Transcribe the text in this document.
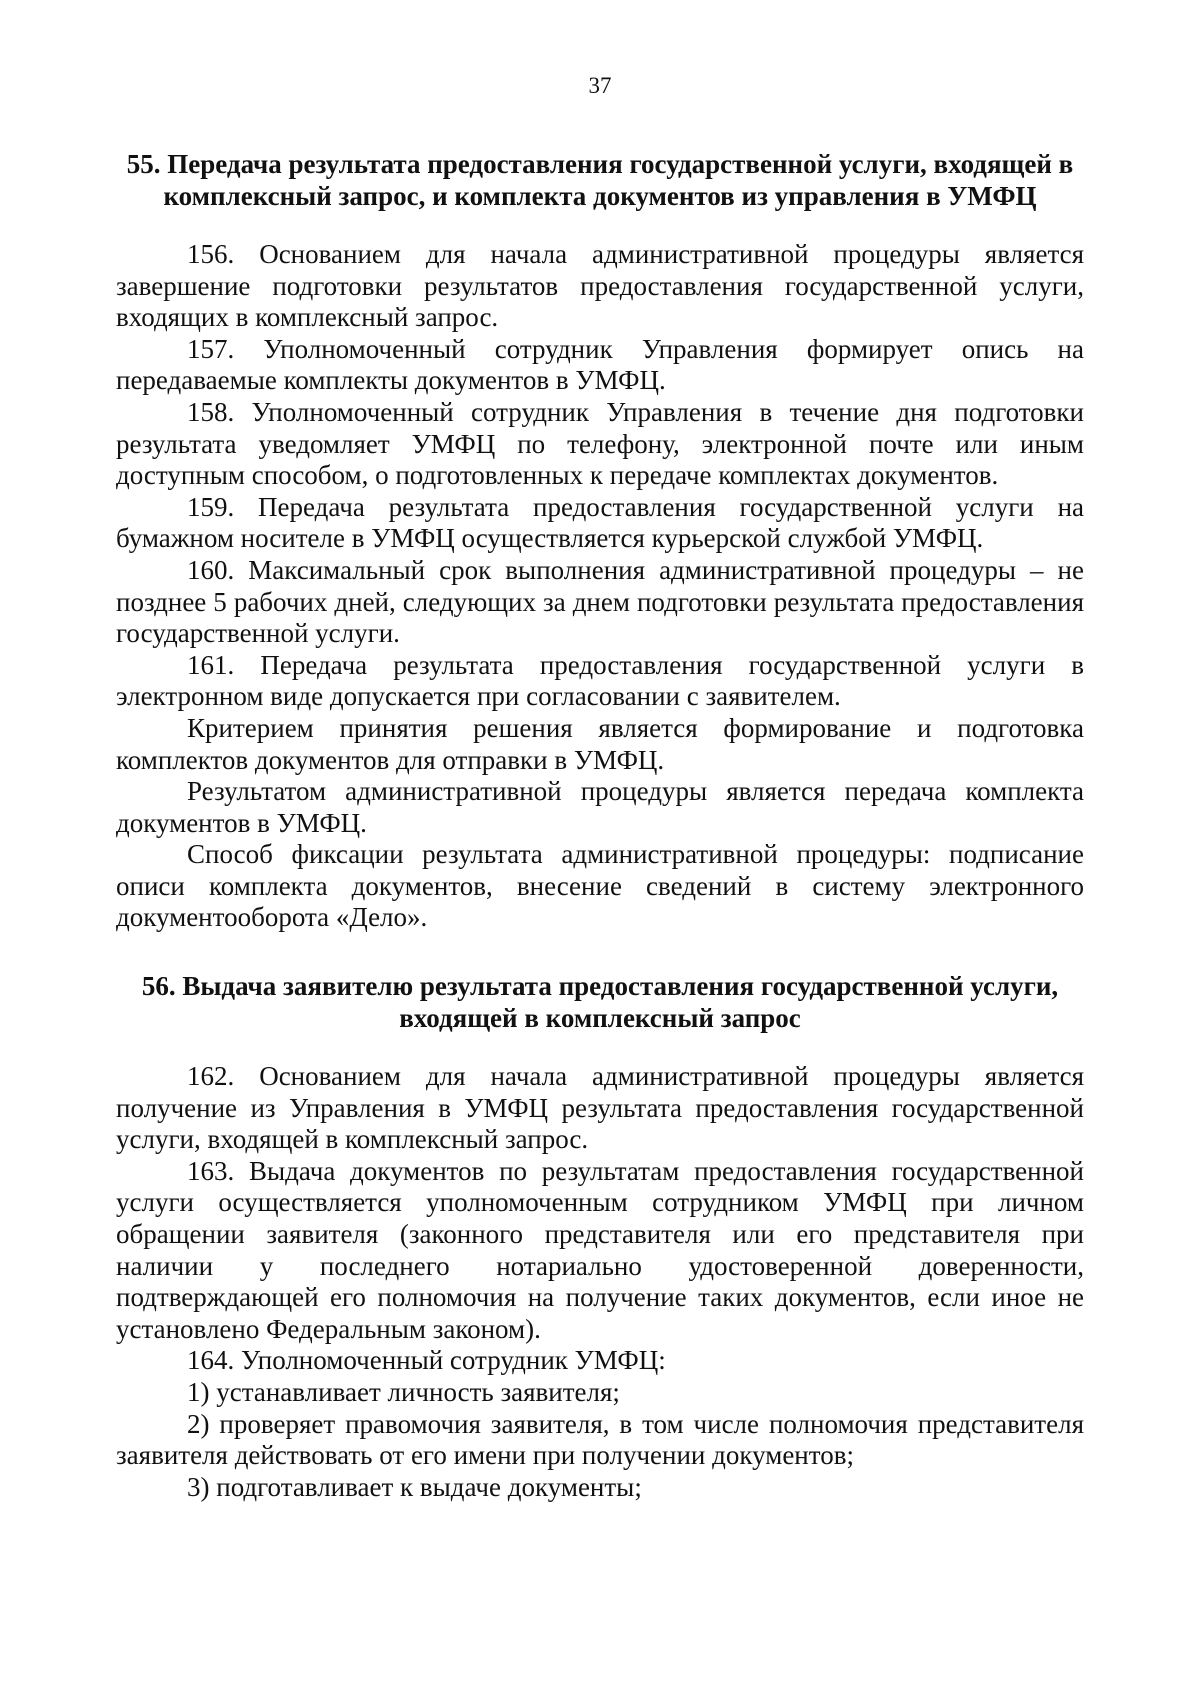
37
55. Передача результата предоставления государственной услуги, входящей в комплексный запрос, и комплекта документов из управления в УМФЦ

156. Основанием для начала административной процедуры является завершение подготовки результатов предоставления государственной услуги, входящих в комплексный запрос.

157. Уполномоченный сотрудник Управления формирует опись на передаваемые комплекты документов в УМФЦ.

158. Уполномоченный сотрудник Управления в течение дня подготовки результата уведомляет УМФЦ по телефону, электронной почте или иным доступным способом, о подготовленных к передаче комплектах документов.

159. Передача результата предоставления государственной услуги на бумажном носителе в УМФЦ осуществляется курьерской службой УМФЦ.

160. Максимальный срок выполнения административной процедуры – не позднее 5 рабочих дней, следующих за днем подготовки результата предоставления государственной услуги.

161. Передача результата предоставления государственной услуги в электронном виде допускается при согласовании с заявителем.

Критерием принятия решения является формирование и подготовка комплектов документов для отправки в УМФЦ.

Результатом административной процедуры является передача комплекта документов в УМФЦ.

Способ фиксации результата административной процедуры: подписание описи комплекта документов, внесение сведений в систему электронного документооборота «Дело».

56. Выдача заявителю результата предоставления государственной услуги, входящей в комплексный запрос

162. Основанием для начала административной процедуры является получение из Управления в УМФЦ результата предоставления государственной услуги, входящей в комплексный запрос.

163. Выдача документов по результатам предоставления государственной услуги осуществляется уполномоченным сотрудником УМФЦ при личном обращении заявителя (законного представителя или его представителя при наличии у последнего нотариально удостоверенной доверенности, подтверждающей его полномочия на получение таких документов, если иное не установлено Федеральным законом).

164. Уполномоченный сотрудник УМФЦ:

1) устанавливает личность заявителя;

2) проверяет правомочия заявителя, в том числе полномочия представителя заявителя действовать от его имени при получении документов;

3) подготавливает к выдаче документы;
